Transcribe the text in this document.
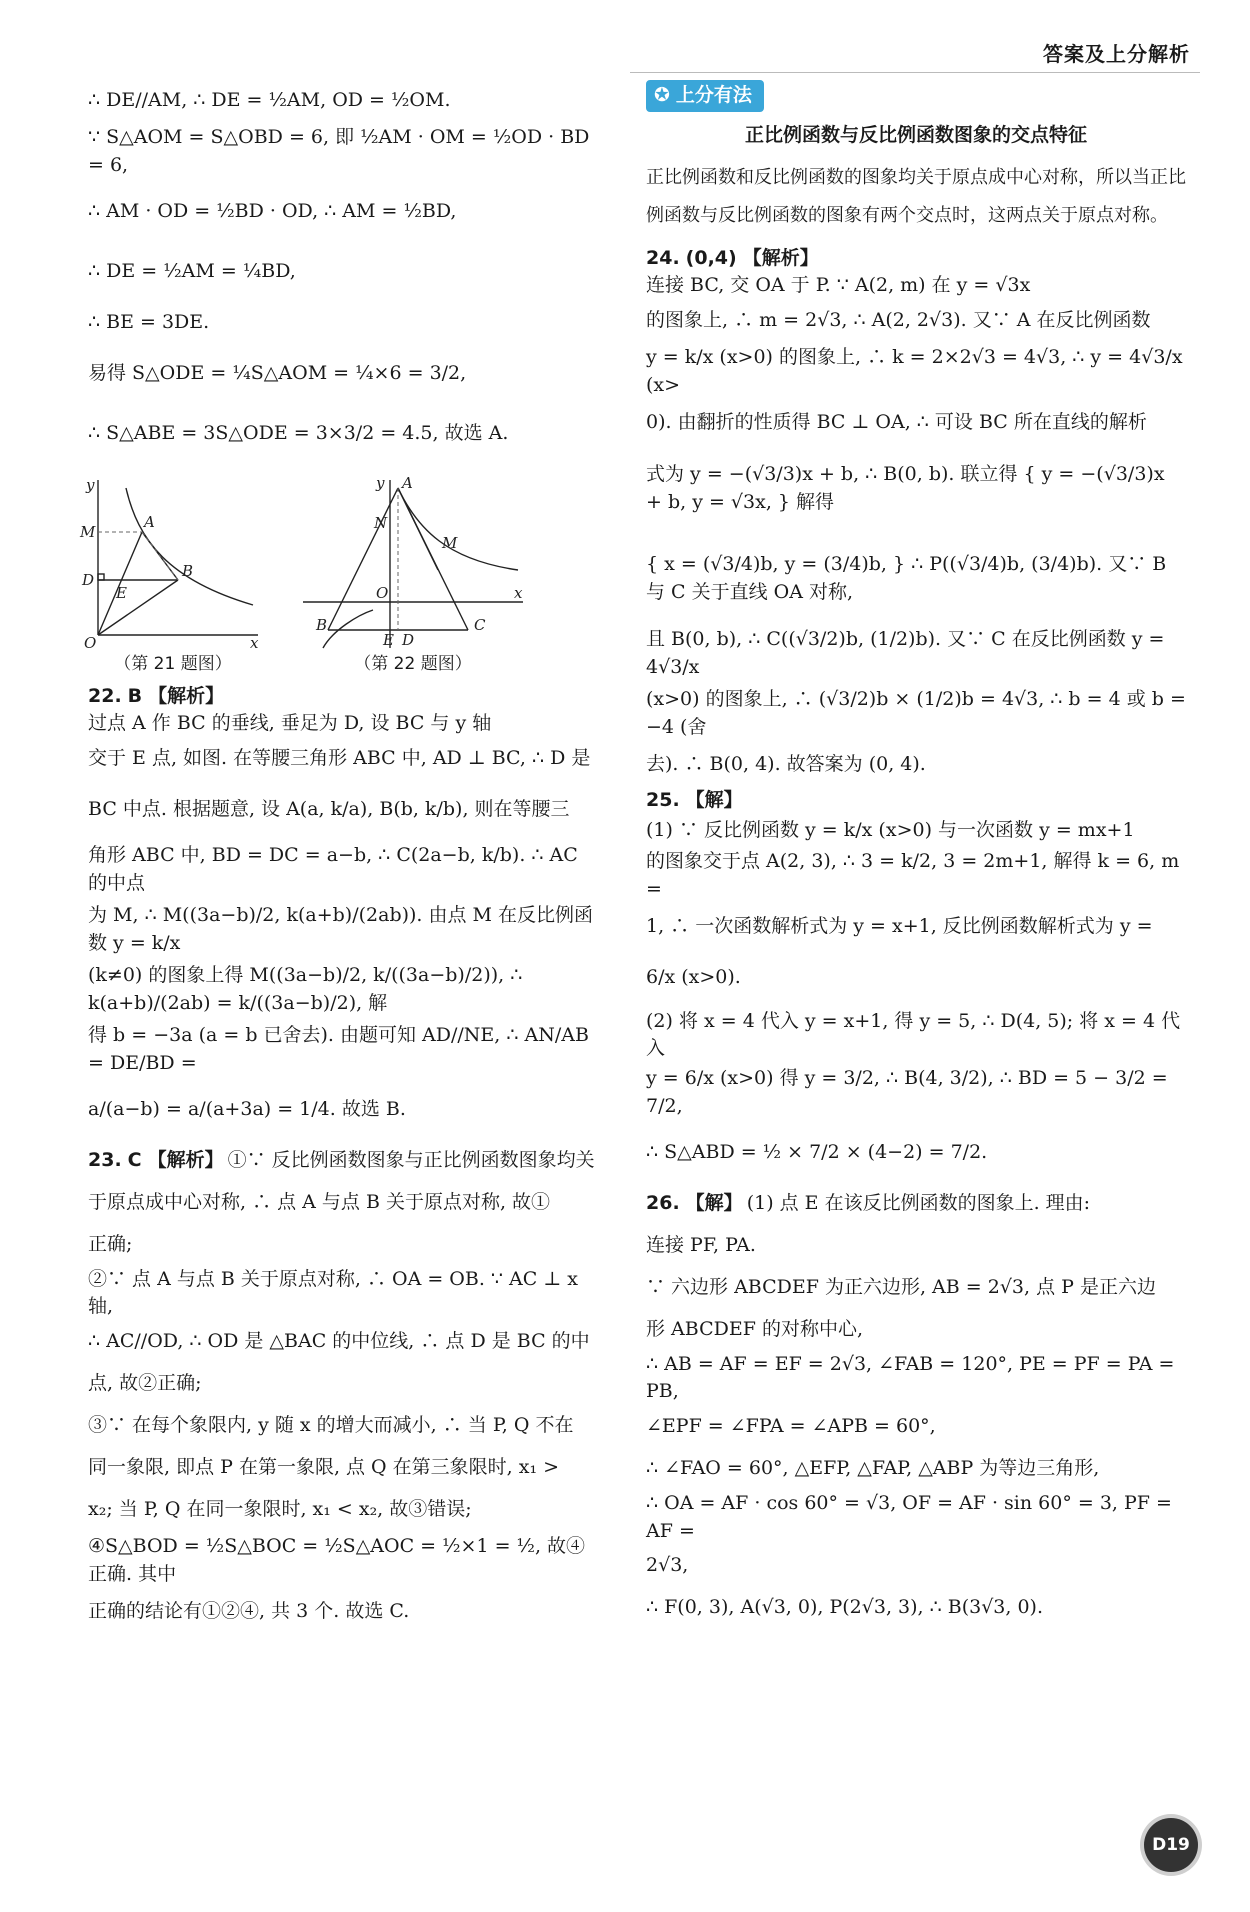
答案及上分解析

∴ DE//AM, ∴ DE = ½AM, OD = ½OM.

∵ S△AOM = S△OBD = 6, 即 ½AM · OM = ½OD · BD = 6,

∴ AM · OD = ½BD · OD, ∴ AM = ½BD,

∴ DE = ½AM = ¼BD,

∴ BE = 3DE.

易得 S△ODE = ¼S△AOM = ¼×6 = 3/2,

∴ S△ABE = 3S△ODE = 3×3/2 = 4.5, 故选 A.

y
M
A
D
E
B
O	x
（第 21 题图）
y A
N
M
O	x
B
E D
C
（第 22 题图）

22. B 【解析】
过点 A 作 BC 的垂线, 垂足为 D, 设 BC 与 y 轴

交于 E 点, 如图. 在等腰三角形 ABC 中, AD ⊥ BC, ∴ D 是

BC 中点. 根据题意, 设 A(a, k/a), B(b, k/b), 则在等腰三

角形 ABC 中, BD = DC = a−b, ∴ C(2a−b, k/b). ∴ AC 的中点

为 M, ∴ M((3a−b)/2, k(a+b)/(2ab)). 由点 M 在反比例函数 y = k/x

(k≠0) 的图象上得 M((3a−b)/2, k/((3a−b)/2)), ∴ k(a+b)/(2ab) = k/((3a−b)/2), 解

得 b = −3a (a = b 已舍去). 由题可知 AD//NE, ∴ AN/AB = DE/BD =

a/(a−b) = a/(a+3a) = 1/4. 故选 B.

23. C 【解析】 ①∵ 反比例函数图象与正比例函数图象均关

于原点成中心对称, ∴ 点 A 与点 B 关于原点对称, 故①

正确;

②∵ 点 A 与点 B 关于原点对称, ∴ OA = OB. ∵ AC ⊥ x 轴,

∴ AC//OD, ∴ OD 是 △BAC 的中位线, ∴ 点 D 是 BC 的中

点, 故②正确;

③∵ 在每个象限内, y 随 x 的增大而减小, ∴ 当 P, Q 不在

同一象限, 即点 P 在第一象限, 点 Q 在第三象限时, x₁ >

x₂; 当 P, Q 在同一象限时, x₁ < x₂, 故③错误;

④S△BOD = ½S△BOC = ½S△AOC = ½×1 = ½, 故④正确. 其中

正确的结论有①②④, 共 3 个. 故选 C.

✪ 上分有法
正比例函数与反比例函数图象的交点特征
正比例函数和反比例函数的图象均关于原点成中心对称，所以当正比例函数与反比例函数的图象有两个交点时，这两点关于原点对称。

24. (0,4) 【解析】
连接 BC, 交 OA 于 P. ∵ A(2, m) 在 y = √3x

的图象上, ∴ m = 2√3, ∴ A(2, 2√3). 又∵ A 在反比例函数

y = k/x (x>0) 的图象上, ∴ k = 2×2√3 = 4√3, ∴ y = 4√3/x (x>

0). 由翻折的性质得 BC ⊥ OA, ∴ 可设 BC 所在直线的解析

式为 y = −(√3/3)x + b, ∴ B(0, b). 联立得 { y = −(√3/3)x + b, y = √3x, } 解得

{ x = (√3/4)b, y = (3/4)b, } ∴ P((√3/4)b, (3/4)b). 又∵ B 与 C 关于直线 OA 对称,

且 B(0, b), ∴ C((√3/2)b, (1/2)b). 又∵ C 在反比例函数 y = 4√3/x

(x>0) 的图象上, ∴ (√3/2)b × (1/2)b = 4√3, ∴ b = 4 或 b = −4 (舍

去). ∴ B(0, 4). 故答案为 (0, 4).

25. 【解】
(1) ∵ 反比例函数 y = k/x (x>0) 与一次函数 y = mx+1

的图象交于点 A(2, 3), ∴ 3 = k/2, 3 = 2m+1, 解得 k = 6, m =

1, ∴ 一次函数解析式为 y = x+1, 反比例函数解析式为 y =

6/x (x>0).

(2) 将 x = 4 代入 y = x+1, 得 y = 5, ∴ D(4, 5); 将 x = 4 代入

y = 6/x (x>0) 得 y = 3/2, ∴ B(4, 3/2), ∴ BD = 5 − 3/2 = 7/2,

∴ S△ABD = ½ × 7/2 × (4−2) = 7/2.

26. 【解】 (1) 点 E 在该反比例函数的图象上. 理由:

连接 PF, PA.

∵ 六边形 ABCDEF 为正六边形, AB = 2√3, 点 P 是正六边

形 ABCDEF 的对称中心,

∴ AB = AF = EF = 2√3, ∠FAB = 120°, PE = PF = PA = PB,

∠EPF = ∠FPA = ∠APB = 60°,

∴ ∠FAO = 60°, △EFP, △FAP, △ABP 为等边三角形,

∴ OA = AF · cos 60° = √3, OF = AF · sin 60° = 3, PF = AF =

2√3,

∴ F(0, 3), A(√3, 0), P(2√3, 3), ∴ B(3√3, 0).

D19
